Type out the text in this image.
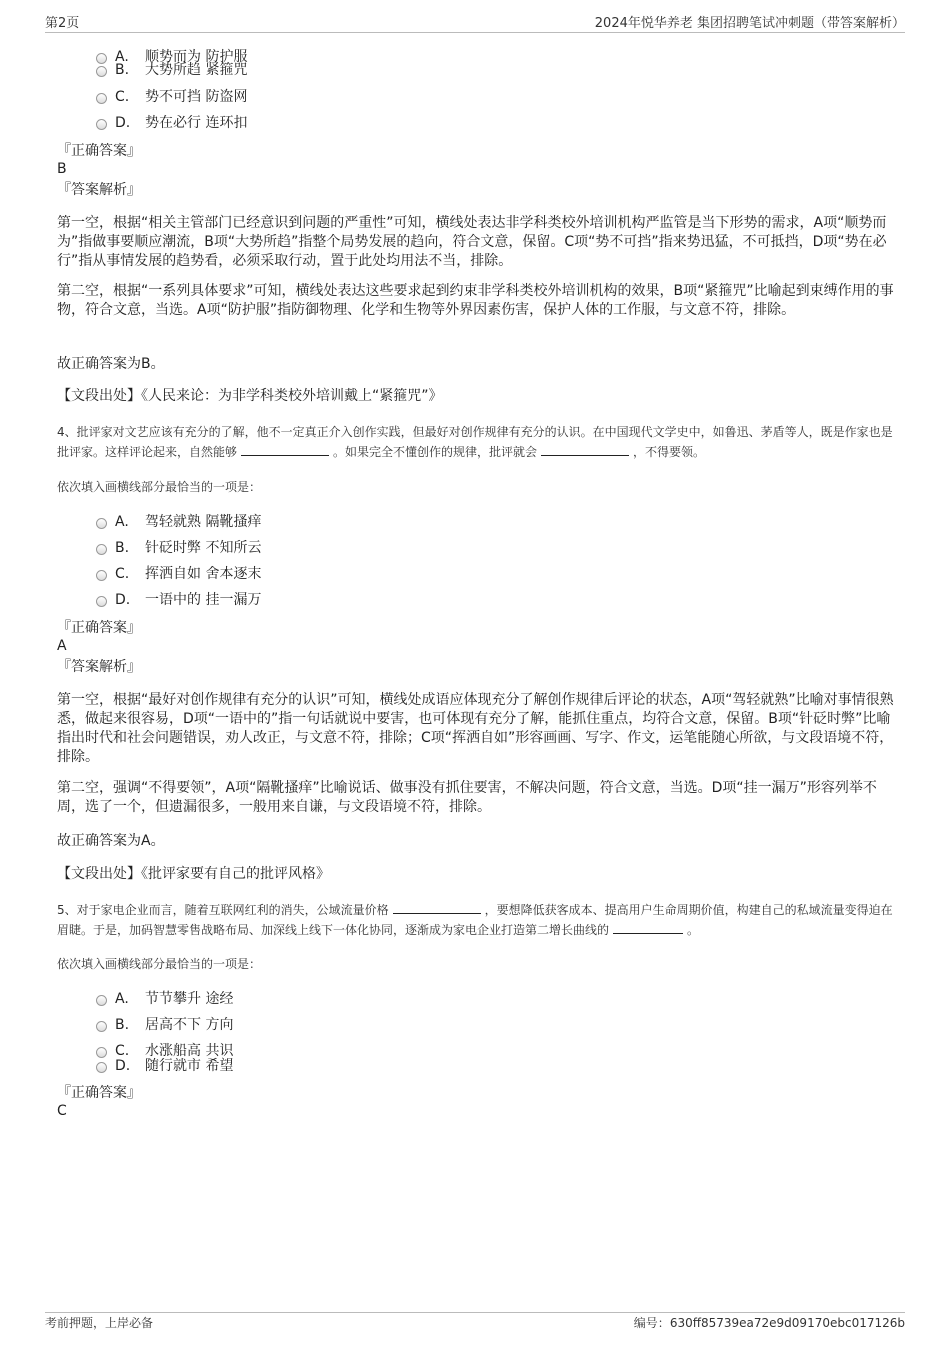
第2页	2024年悦华养老 集团招聘笔试冲刺题（带答案解析）
A.	顺势而为 防护服
B.	大势所趋 紧箍咒
C.	势不可挡 防盗网
D.	势在必行 连环扣
『正确答案』
B
『答案解析』
第一空，根据“相关主管部门已经意识到问题的严重性”可知，横线处表达非学科类校外培训机构严监管是当下形势的需求，A项“顺势而为”指做事要顺应潮流，B项“大势所趋”指整个局势发展的趋向，符合文意，保留。C项“势不可挡”指来势迅猛，不可抵挡，D项“势在必行”指从事情发展的趋势看，必须采取行动，置于此处均用法不当，排除。
第二空，根据“一系列具体要求”可知，横线处表达这些要求起到约束非学科类校外培训机构的效果，B项“紧箍咒”比喻起到束缚作用的事物，符合文意，当选。A项“防护服”指防御物理、化学和生物等外界因素伤害，保护人体的工作服，与文意不符，排除。
故正确答案为B。
【文段出处】《人民来论：为非学科类校外培训戴上“紧箍咒”》
4、批评家对文艺应该有充分的了解，他不一定真正介入创作实践，但最好对创作规律有充分的认识。在中国现代文学史中，如鲁迅、茅盾等人，既是作家也是批评家。这样评论起来，自然能够	。如果完全不懂创作的规律，批评就会	，不得要领。
依次填入画横线部分最恰当的一项是：
A.	驾轻就熟 隔靴搔痒
B.	针砭时弊 不知所云
C.	挥洒自如 舍本逐末
D.	一语中的 挂一漏万
『正确答案』
A
『答案解析』
第一空，根据“最好对创作规律有充分的认识”可知，横线处成语应体现充分了解创作规律后评论的状态，A项“驾轻就熟”比喻对事情很熟悉，做起来很容易，D项“一语中的”指一句话就说中要害，也可体现有充分了解，能抓住重点，均符合文意，保留。B项“针砭时弊”比喻指出时代和社会问题错误，劝人改正，与文意不符，排除；C项“挥洒自如”形容画画、写字、作文，运笔能随心所欲，与文段语境不符，排除。
第二空，强调“不得要领”，A项“隔靴搔痒”比喻说话、做事没有抓住要害，不解决问题，符合文意，当选。D项“挂一漏万”形容列举不周，选了一个，但遗漏很多，一般用来自谦，与文段语境不符，排除。
故正确答案为A。
【文段出处】《批评家要有自己的批评风格》
5、对于家电企业而言，随着互联网红利的消失，公域流量价格	，要想降低获客成本、提高用户生命周期价值，构建自己的私域流量变得迫在眉睫。于是，加码智慧零售战略布局、加深线上线下一体化协同，逐渐成为家电企业打造第二增长曲线的	。
依次填入画横线部分最恰当的一项是：
A.	节节攀升 途经
B.	居高不下 方向
C.	水涨船高 共识
D.	随行就市 希望
『正确答案』
C
考前押题，上岸必备	编号：630ff85739ea72e9d09170ebc017126b
